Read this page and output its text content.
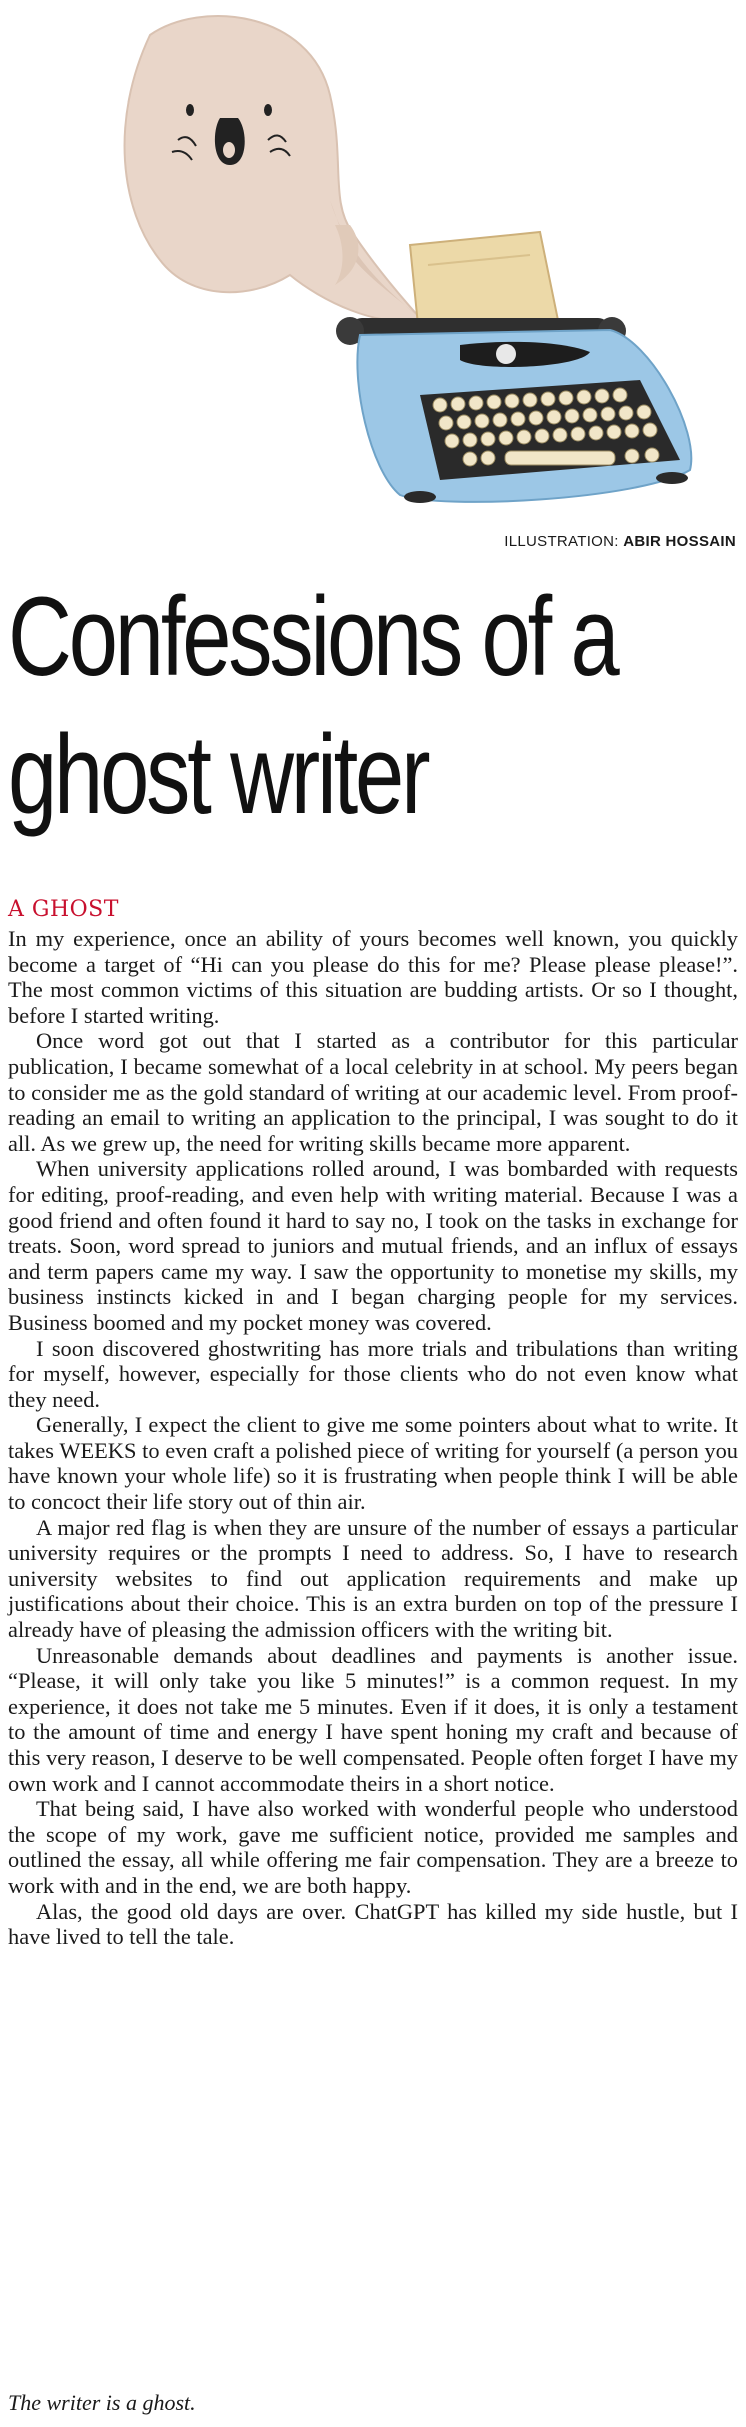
ILLUSTRATION: ABIR HOSSAIN
Confessions of a
ghost writer
A GHOST

In my experience, once an ability of yours becomes well known, you quickly become a target of “Hi can you please do this for me? Please please please!”. The most common victims of this situation are budding artists. Or so I thought, before I started writing.

Once word got out that I started as a contributor for this particular publication, I became somewhat of a local celebrity in at school. My peers began to consider me as the gold standard of writing at our academic level. From proof-reading an email to writing an application to the principal, I was sought to do it all. As we grew up, the need for writing skills became more apparent.

When university applications rolled around, I was bombarded with requests for editing, proof-reading, and even help with writing material. Because I was a good friend and often found it hard to say no, I took on the tasks in exchange for treats. Soon, word spread to juniors and mutual friends, and an influx of essays and term papers came my way. I saw the opportunity to monetise my skills, my business instincts kicked in and I began charging people for my services. Business boomed and my pocket money was covered.

I soon discovered ghostwriting has more trials and tribulations than writing for myself, however, especially for those clients who do not even know what they need.

Generally, I expect the client to give me some pointers about what to write. It takes WEEKS to even craft a polished piece of writing for yourself (a person you have known your whole life) so it is frustrating when people think I will be able to concoct their life story out of thin air.

A major red flag is when they are unsure of the number of essays a particular university requires or the prompts I need to address. So, I have to research university websites to find out application requirements and make up justifications about their choice. This is an extra burden on top of the pressure I already have of pleasing the admission officers with the writing bit.

Unreasonable demands about deadlines and payments is another issue. “Please, it will only take you like 5 minutes!” is a common request. In my experience, it does not take me 5 minutes. Even if it does, it is only a testament to the amount of time and energy I have spent honing my craft and because of this very reason, I deserve to be well compensated. People often forget I have my own work and I cannot accommodate theirs in a short notice.

That being said, I have also worked with wonderful people who understood the scope of my work, gave me sufficient notice, provided me samples and outlined the essay, all while offering me fair compensation. They are a breeze to work with and in the end, we are both happy.

Alas, the good old days are over. ChatGPT has killed my side hustle, but I have lived to tell the tale.

The writer is a ghost.
